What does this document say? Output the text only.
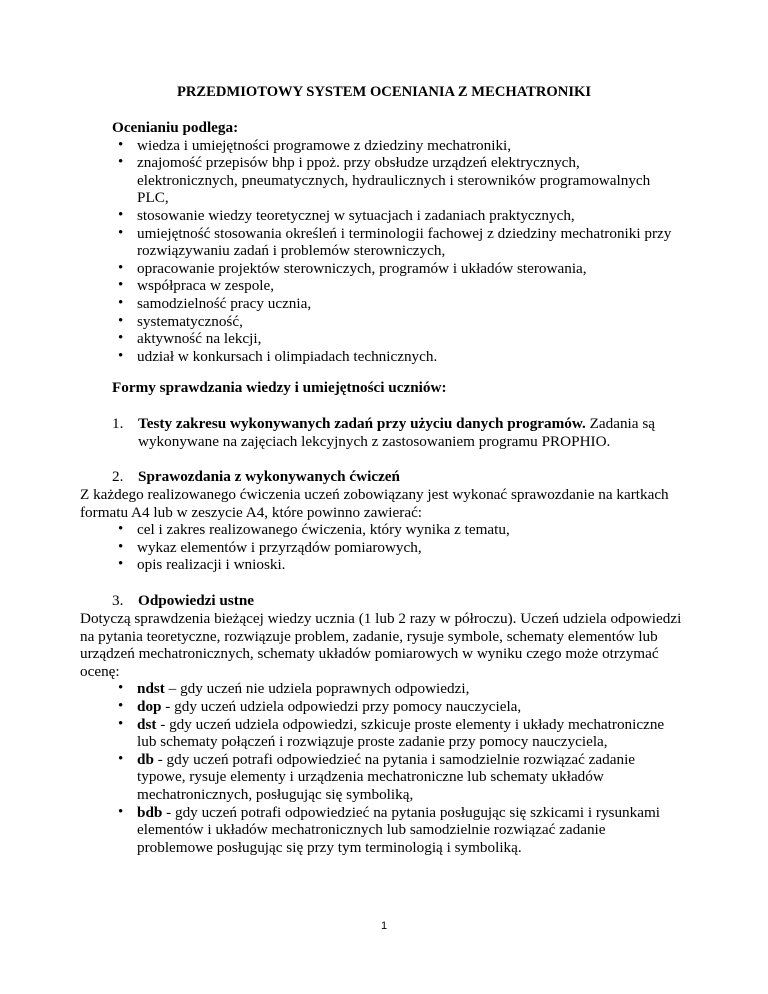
PRZEDMIOTOWY SYSTEM OCENIANIA Z MECHATRONIKI
Ocenianiu podlega:
• wiedza i umiejętności programowe z dziedziny mechatroniki,
• znajomość przepisów bhp i ppoż. przy obsłudze urządzeń elektrycznych, elektronicznych, pneumatycznych, hydraulicznych i sterowników programowalnych PLC,
• stosowanie wiedzy teoretycznej w sytuacjach i zadaniach praktycznych,
• umiejętność stosowania określeń i terminologii fachowej z dziedziny mechatroniki przy rozwiązywaniu zadań i problemów sterowniczych,
• opracowanie projektów sterowniczych, programów i układów sterowania,
• współpraca w zespole,
• samodzielność pracy ucznia,
• systematyczność,
• aktywność na lekcji,
• udział w konkursach i olimpiadach technicznych.
Formy sprawdzania wiedzy i umiejętności uczniów:
1. Testy zakresu wykonywanych zadań przy użyciu danych programów. Zadania są wykonywane na zajęciach lekcyjnych z zastosowaniem programu PROPHIO.
2. Sprawozdania z wykonywanych ćwiczeń

Z każdego realizowanego ćwiczenia uczeń zobowiązany jest wykonać sprawozdanie na kartkach formatu A4 lub w zeszycie A4, które powinno zawierać:

• cel i zakres realizowanego ćwiczenia, który wynika z tematu,
• wykaz elementów i przyrządów pomiarowych,
• opis realizacji i wnioski.
3. Odpowiedzi ustne

Dotyczą sprawdzenia bieżącej wiedzy ucznia (1 lub 2 razy w półroczu). Uczeń udziela odpowiedzi na pytania teoretyczne, rozwiązuje problem, zadanie, rysuje symbole, schematy elementów lub urządzeń mechatronicznych, schematy układów pomiarowych w wyniku czego może otrzymać ocenę:

• ndst – gdy uczeń nie udziela poprawnych odpowiedzi,
• dop - gdy uczeń udziela odpowiedzi przy pomocy nauczyciela,
• dst - gdy uczeń udziela odpowiedzi, szkicuje proste elementy i układy mechatroniczne lub schematy połączeń i rozwiązuje proste zadanie przy pomocy nauczyciela,
• db - gdy uczeń potrafi odpowiedzieć na pytania i samodzielnie rozwiązać zadanie typowe, rysuje elementy i urządzenia mechatroniczne lub schematy układów mechatronicznych, posługując się symboliką,
• bdb - gdy uczeń potrafi odpowiedzieć na pytania posługując się szkicami i rysunkami elementów i układów mechatronicznych lub samodzielnie rozwiązać zadanie problemowe posługując się przy tym terminologią i symboliką.
1
